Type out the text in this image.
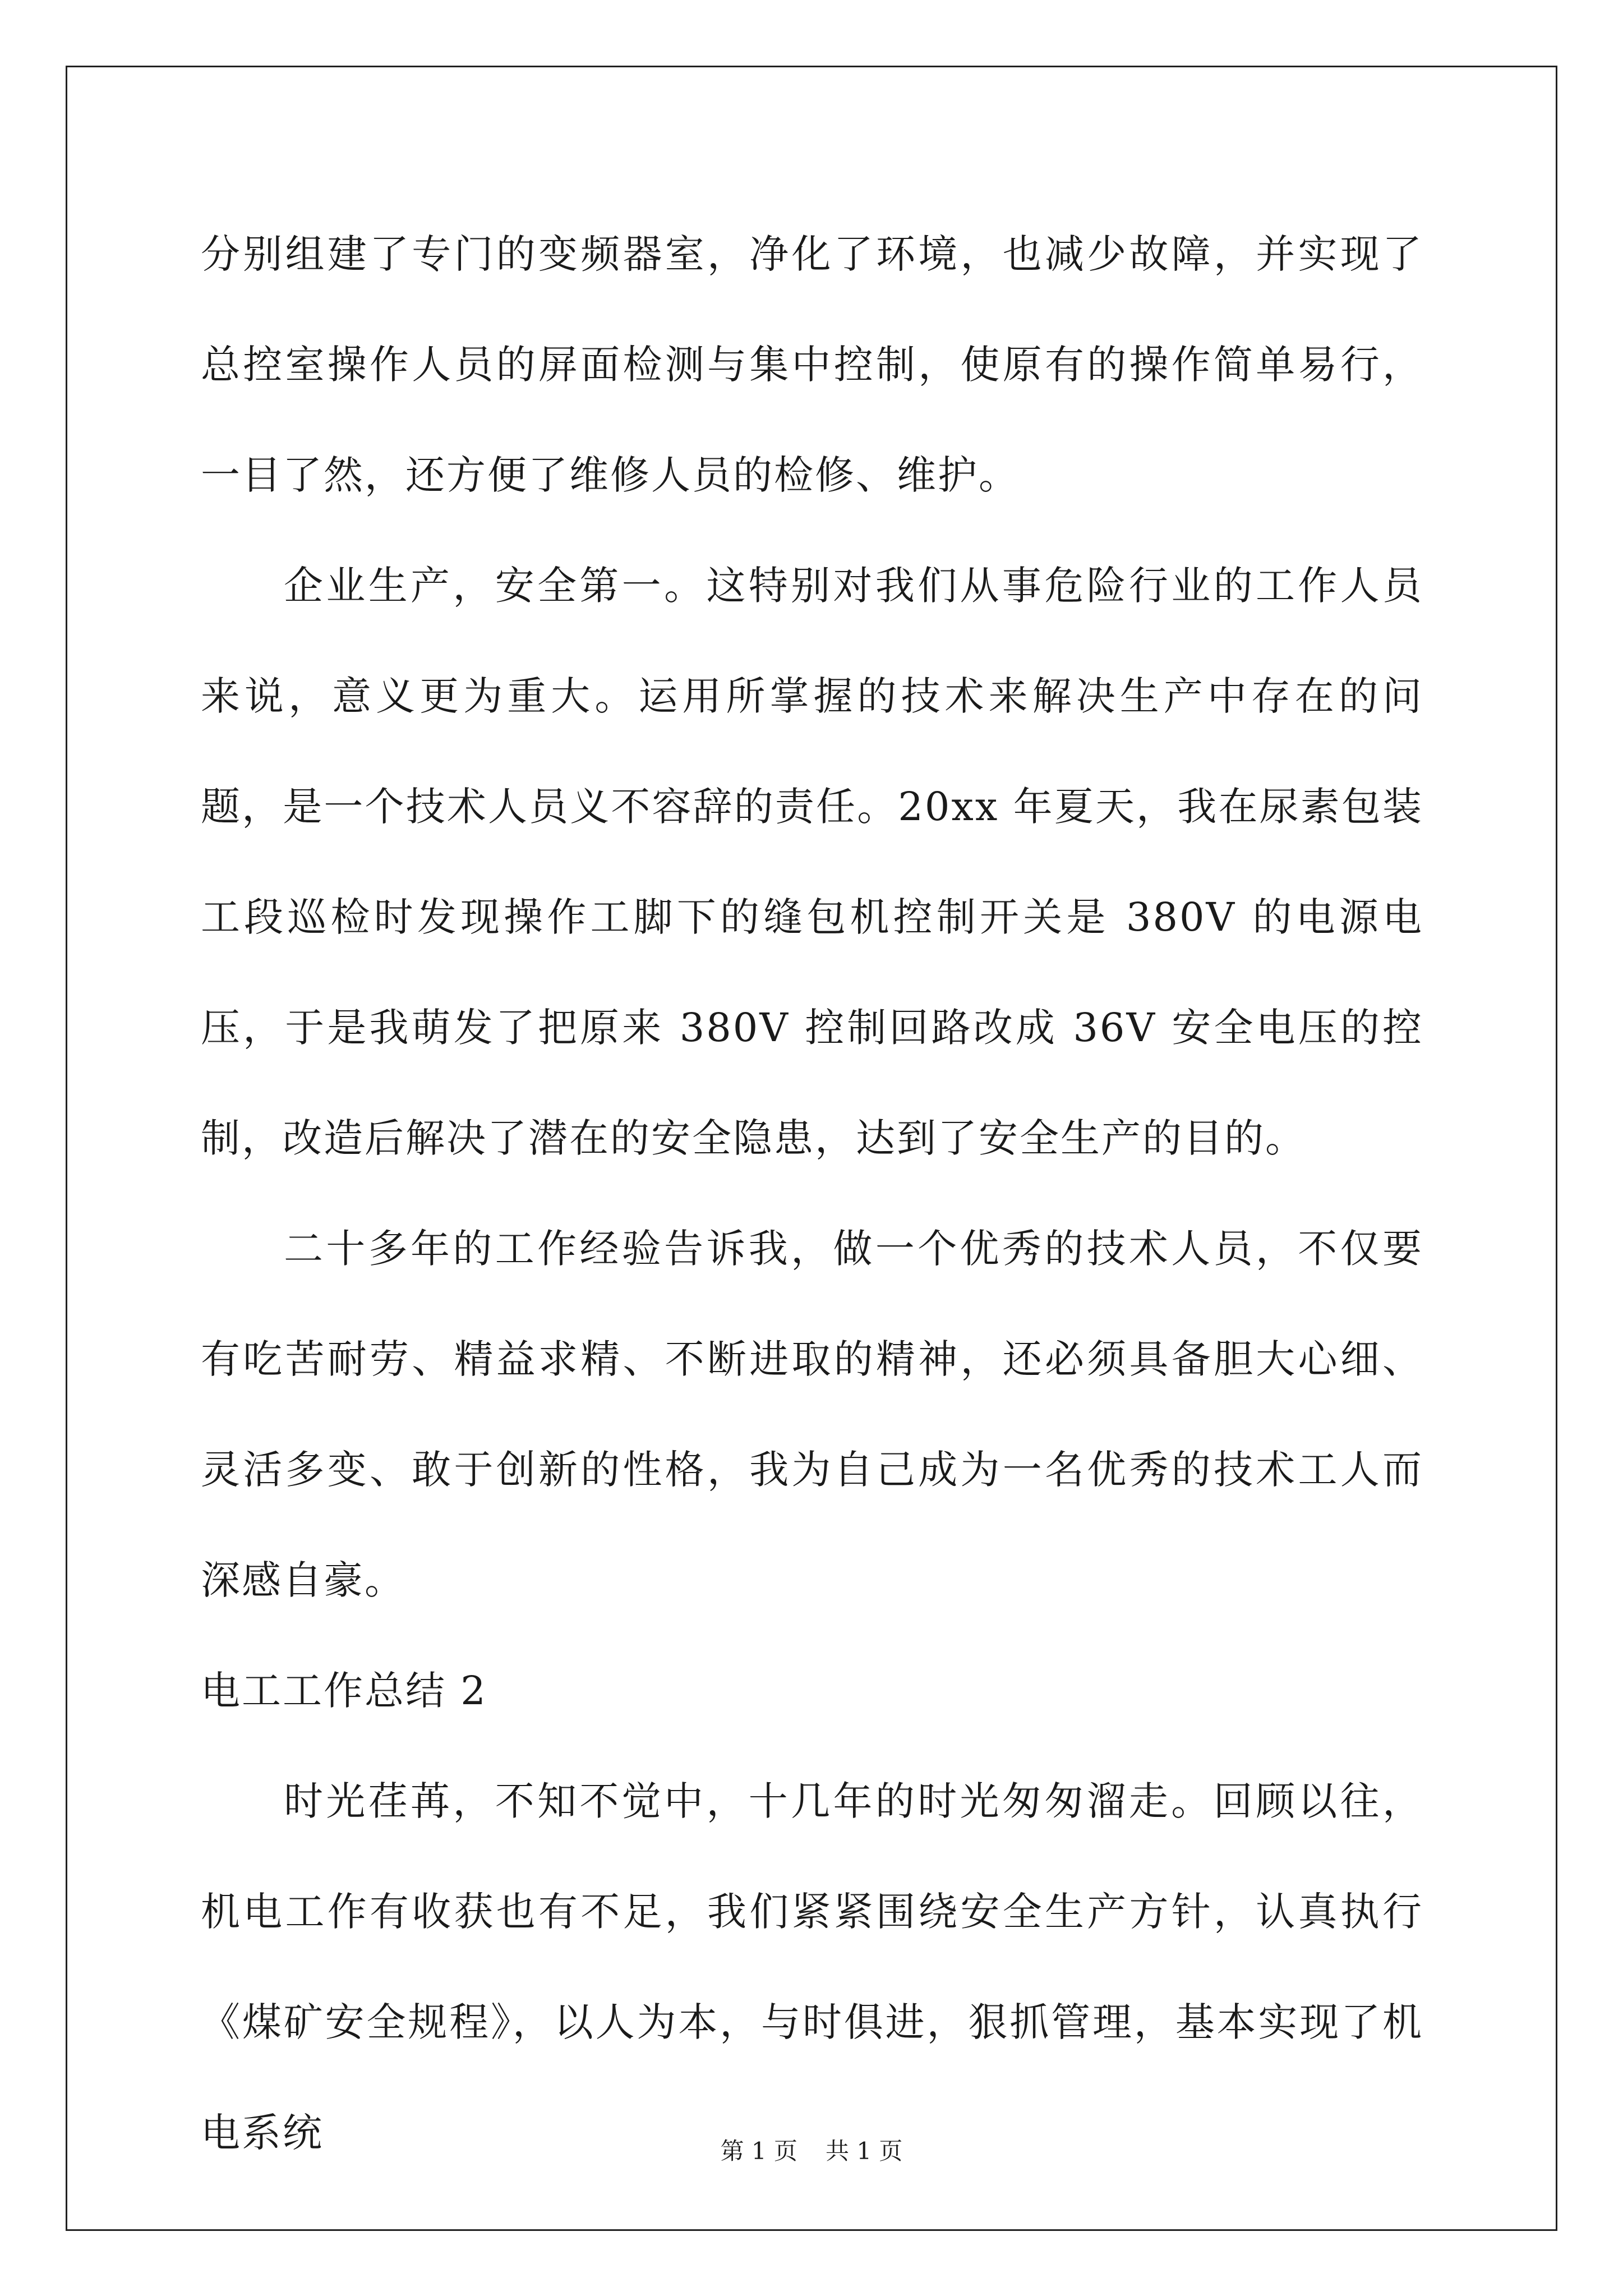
分别组建了专门的变频器室，净化了环境，也减少故障，并实现了总控室操作人员的屏面检测与集中控制，使原有的操作简单易行，一目了然，还方便了维修人员的检修、维护。

企业生产，安全第一。这特别对我们从事危险行业的工作人员来说，意义更为重大。运用所掌握的技术来解决生产中存在的问题，是一个技术人员义不容辞的责任。20xx 年夏天，我在尿素包装工段巡检时发现操作工脚下的缝包机控制开关是 380V 的电源电压，于是我萌发了把原来 380V 控制回路改成 36V 安全电压的控制，改造后解决了潜在的安全隐患，达到了安全生产的目的。

二十多年的工作经验告诉我，做一个优秀的技术人员，不仅要有吃苦耐劳、精益求精、不断进取的精神，还必须具备胆大心细、灵活多变、敢于创新的性格，我为自己成为一名优秀的技术工人而深感自豪。

电工工作总结 2

时光荏苒，不知不觉中，十几年的时光匆匆溜走。回顾以往，机电工作有收获也有不足，我们紧紧围绕安全生产方针，认真执行《煤矿安全规程》，以人为本，与时俱进，狠抓管理，基本实现了机电系统	第 1 页 共 1 页
